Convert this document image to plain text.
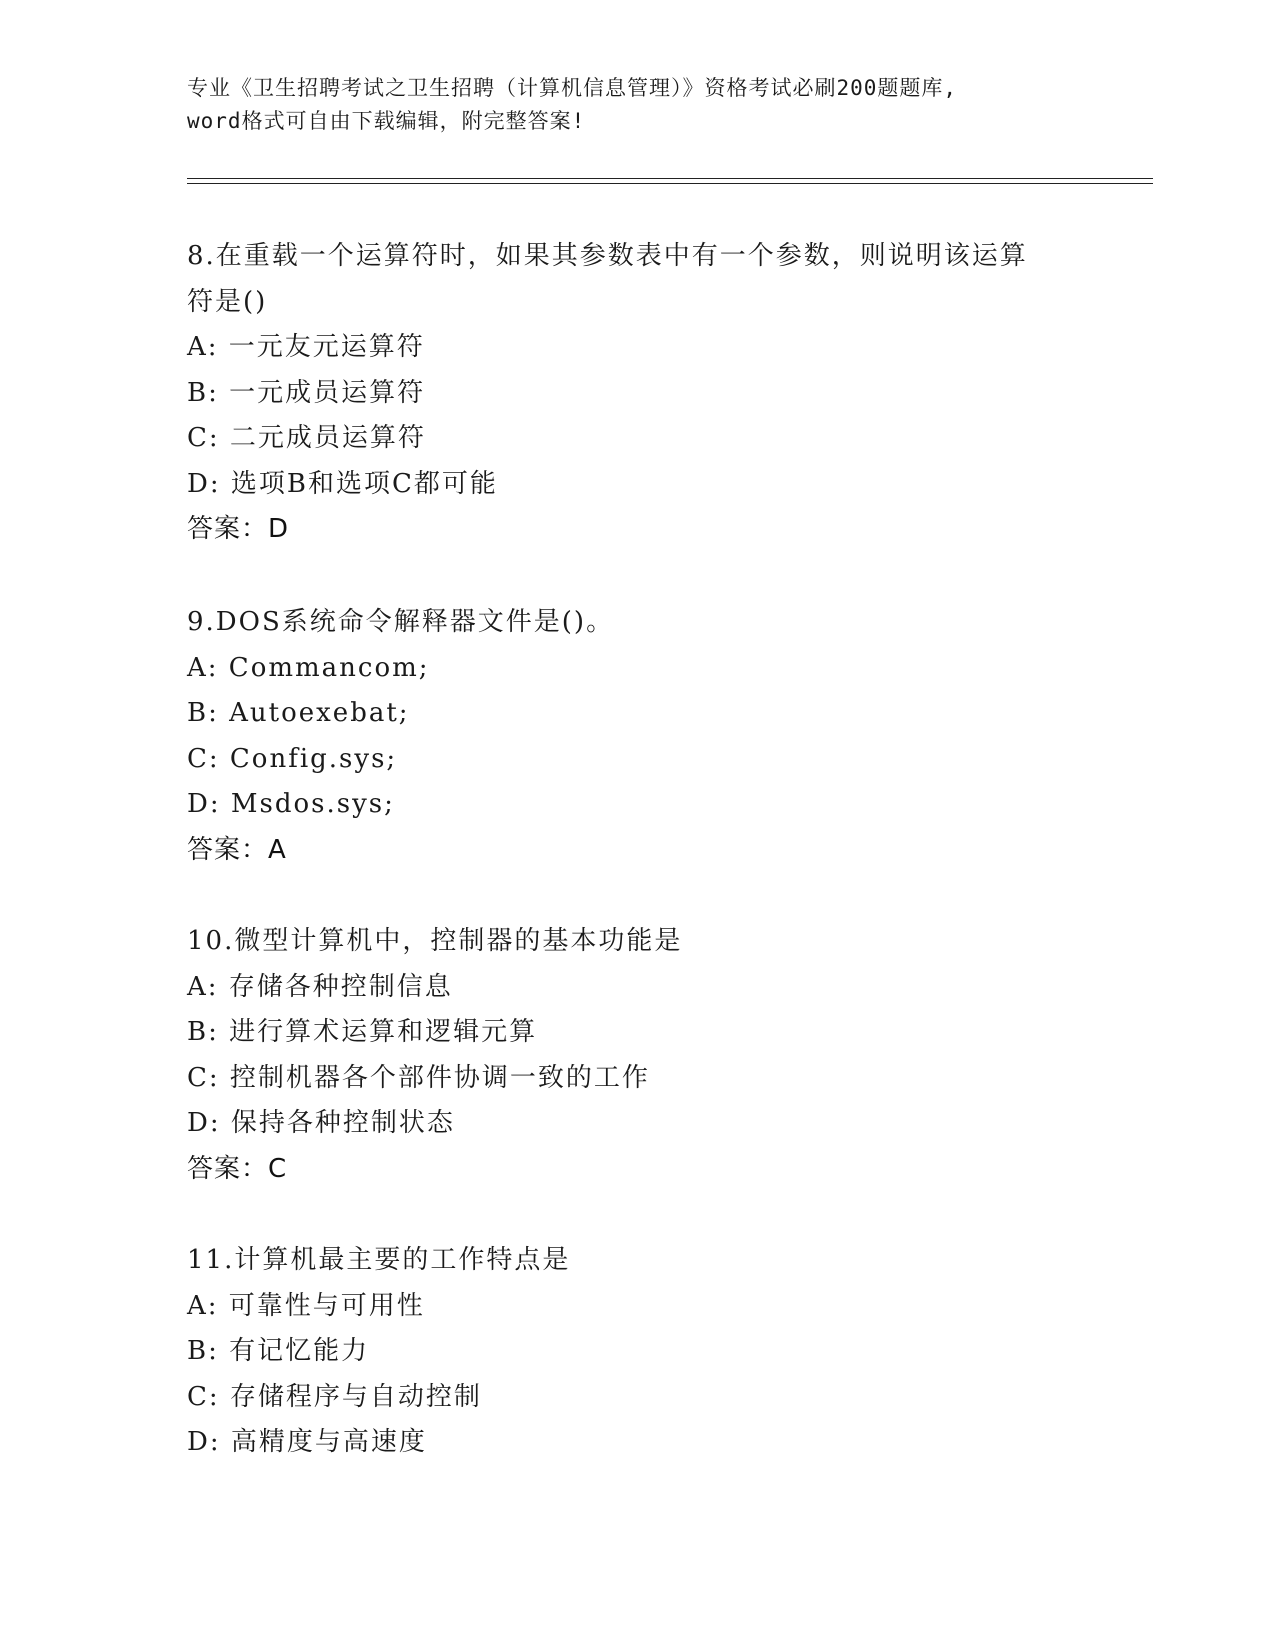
专业《卫生招聘考试之卫生招聘（计算机信息管理）》资格考试必刷200题题库,
word格式可自由下载编辑，附完整答案!
8.在重载一个运算符时，如果其参数表中有一个参数，则说明该运算
符是()
A: 一元友元运算符
B: 一元成员运算符
C: 二元成员运算符
D: 选项B和选项C都可能
答案：D
9.DOS系统命令解释器文件是()。
A: Commancom;
B: Autoexebat;
C: Config.sys;
D: Msdos.sys;
答案：A
10.微型计算机中，控制器的基本功能是
A: 存储各种控制信息
B: 进行算术运算和逻辑元算
C: 控制机器各个部件协调一致的工作
D: 保持各种控制状态
答案：C
11.计算机最主要的工作特点是
A: 可靠性与可用性
B: 有记忆能力
C: 存储程序与自动控制
D: 高精度与高速度
